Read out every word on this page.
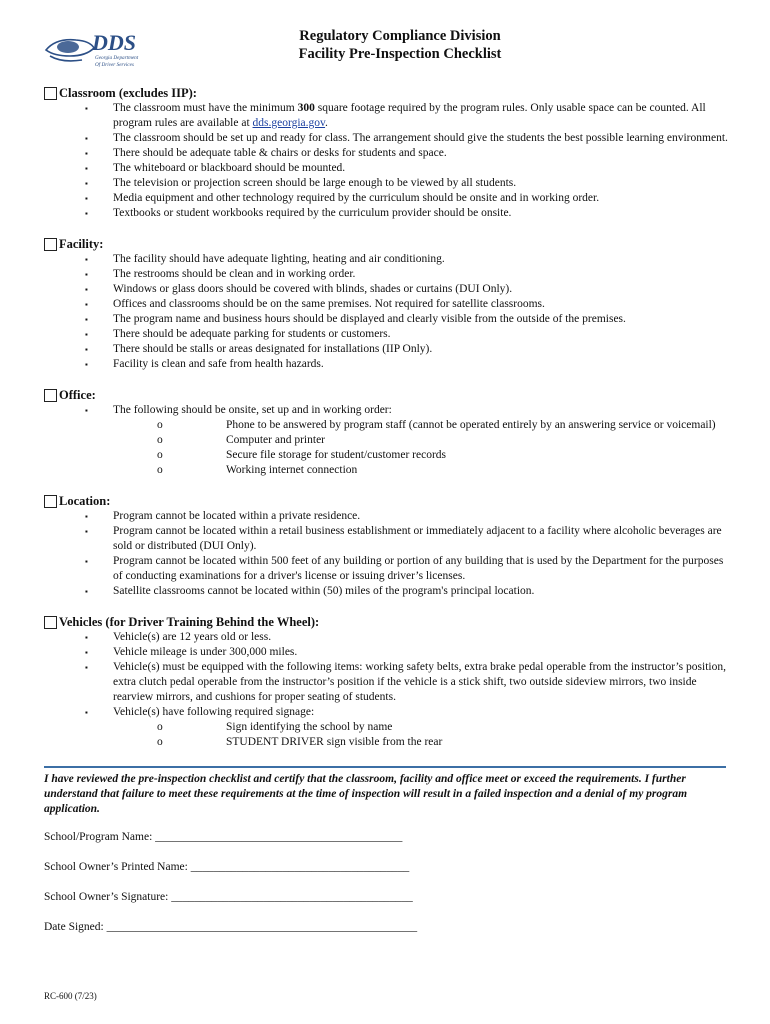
DDS
Georgia Department
Of Driver Services
Regulatory Compliance Division
Facility Pre-Inspection Checklist
Classroom (excludes IIP):
▪ The classroom must have the minimum 300 square footage required by the program rules. Only usable space can be counted. All program rules are available at dds.georgia.gov.
▪ The classroom should be set up and ready for class. The arrangement should give the students the best possible learning environment.
▪ There should be adequate table & chairs or desks for students and space.
▪ The whiteboard or blackboard should be mounted.
▪ The television or projection screen should be large enough to be viewed by all students.
▪ Media equipment and other technology required by the curriculum should be onsite and in working order.
▪ Textbooks or student workbooks required by the curriculum provider should be onsite.
Facility:
▪ The facility should have adequate lighting, heating and air conditioning.
▪ The restrooms should be clean and in working order.
▪ Windows or glass doors should be covered with blinds, shades or curtains (DUI Only).
▪ Offices and classrooms should be on the same premises. Not required for satellite classrooms.
▪ The program name and business hours should be displayed and clearly visible from the outside of the premises.
▪ There should be adequate parking for students or customers.
▪ There should be stalls or areas designated for installations (IIP Only).
▪ Facility is clean and safe from health hazards.
Office:
▪ The following should be onsite, set up and in working order:
o	Phone to be answered by program staff (cannot be operated entirely by an answering service or voicemail)
o	Computer and printer
o	Secure file storage for student/customer records
o	Working internet connection
Location:
▪ Program cannot be located within a private residence.
▪ Program cannot be located within a retail business establishment or immediately adjacent to a facility where alcoholic beverages are sold or distributed (DUI Only).
▪ Program cannot be located within 500 feet of any building or portion of any building that is used by the Department for the purposes of conducting examinations for a driver's license or issuing driver’s licenses.
▪ Satellite classrooms cannot be located within (50) miles of the program's principal location.
Vehicles (for Driver Training Behind the Wheel):
▪ Vehicle(s) are 12 years old or less.
▪ Vehicle mileage is under 300,000 miles.
▪ Vehicle(s) must be equipped with the following items: working safety belts, extra brake pedal operable from the instructor’s position, extra clutch pedal operable from the instructor’s position if the vehicle is a stick shift, two outside sideview mirrors, two inside rearview mirrors, and cushions for proper seating of students.
▪ Vehicle(s) have following required signage:
o	Sign identifying the school by name
o	STUDENT DRIVER sign visible from the rear
I have reviewed the pre-inspection checklist and certify that the classroom, facility and office meet or exceed the requirements. I further understand that failure to meet these requirements at the time of inspection will result in a failed inspection and a denial of my program application.
School/Program Name: ___________________________________________
School Owner’s Printed Name: ______________________________________
School Owner’s Signature: __________________________________________
Date Signed: ______________________________________________________
RC-600 (7/23)
